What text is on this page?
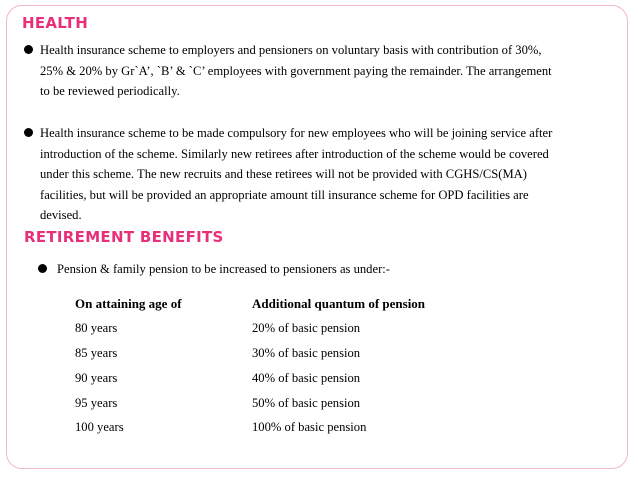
HEALTH
Health insurance scheme to employers and pensioners on voluntary basis with contribution of 30%,
25% & 20% by Gr`A’, `B’ & `C’ employees with government paying the remainder. The arrangement
to be reviewed periodically.
Health insurance scheme to be made compulsory for new employees who will be joining service after
introduction of the scheme. Similarly new retirees after introduction of the scheme would be covered
under this scheme. The new recruits and these retirees will not be provided with CGHS/CS(MA)
facilities, but will be provided an appropriate amount till insurance scheme for OPD facilities are
devised.
RETIREMENT BENEFITS
Pension & family pension to be increased to pensioners as under:-
On attaining age of	Additional quantum of pension
80 years	20% of basic pension
85 years	30% of basic pension
90 years	40% of basic pension
95 years	50% of basic pension
100 years	100% of basic pension
